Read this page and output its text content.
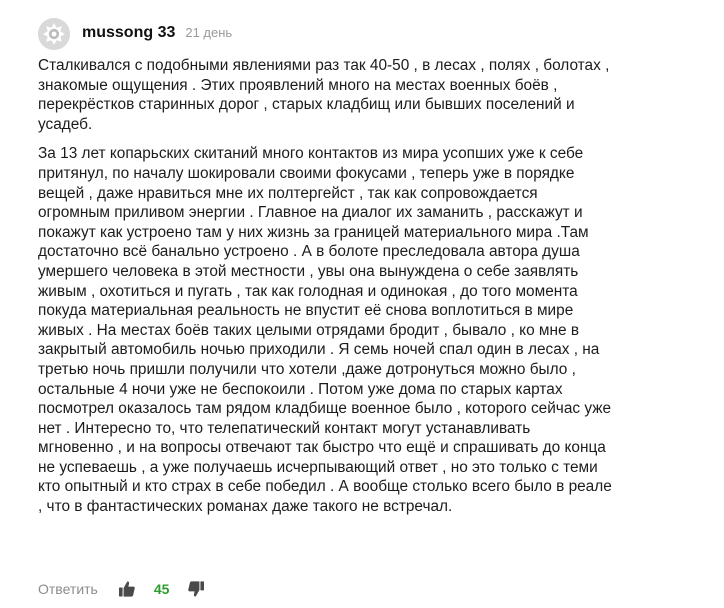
mussong 33 21 день

Сталкивался с подобными явлениями раз так 40-50 , в лесах , полях , болотах ,
знакомые ощущения . Этих проявлений много на местах военных боёв ,
перекрёстков старинных дорог , старых кладбищ или бывших поселений и
усадеб.

За 13 лет копарьских скитаний много контактов из мира усопших уже к себе
притянул, по началу шокировали своими фокусами , теперь уже в порядке
вещей , даже нравиться мне их полтергейст , так как сопровождается
огромным приливом энергии . Главное на диалог их заманить , расскажут и
покажут как устроено там у них жизнь за границей материального мира .Там
достаточно всё банально устроено . А в болоте преследовала автора душа
умершего человека в этой местности , увы она вынуждена о себе заявлять
живым , охотиться и пугать , так как голодная и одинокая , до того момента
покуда материальная реальность не впустит её снова воплотиться в мире
живых . На местах боёв таких целыми отрядами бродит , бывало , ко мне в
закрытый автомобиль ночью приходили . Я семь ночей спал один в лесах , на
третью ночь пришли получили что хотели ,даже дотронуться можно было ,
остальные 4 ночи уже не беспокоили . Потом уже дома по старых картах
посмотрел оказалось там рядом кладбище военное было , которого сейчас уже
нет . Интересно то, что телепатический контакт могут устанавливать
мгновенно , и на вопросы отвечают так быстро что ещё и спрашивать до конца
не успеваешь , а уже получаешь исчерпывающий ответ , но это только с теми
кто опытный и кто страх в себе победил . А вообще столько всего было в реале
, что в фантастических романах даже такого не встречал.

Ответить	45
